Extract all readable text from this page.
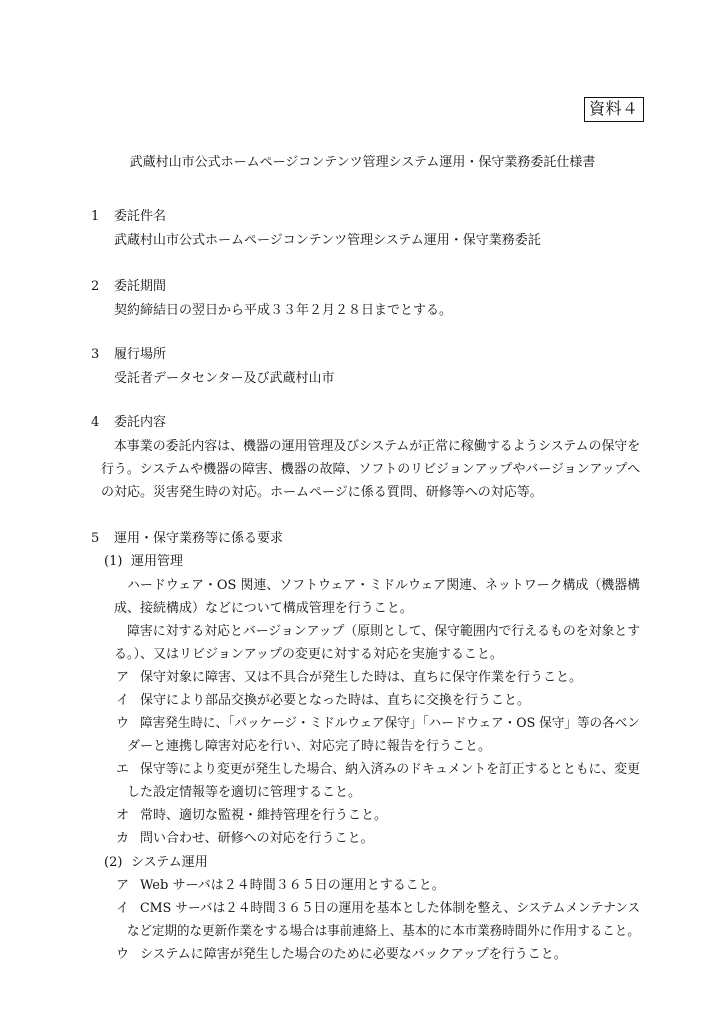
資料４
武蔵村山市公式ホームページコンテンツ管理システム運用・保守業務委託仕様書
1 委託件名
武蔵村山市公式ホームページコンテンツ管理システム運用・保守業務委託
2 委託期間
契約締結日の翌日から平成３３年２月２８日までとする。
3 履行場所
受託者データセンター及び武蔵村山市
4 委託内容
本事業の委託内容は、機器の運用管理及びシステムが正常に稼働するようシステムの保守を
行う。システムや機器の障害、機器の故障、ソフトのリビジョンアップやバージョンアップへ
の対応。災害発生時の対応。ホームページに係る質問、研修等への対応等。
5 運用・保守業務等に係る要求
(1) 運用管理
ハードウェア・OS 関連、ソフトウェア・ミドルウェア関連、ネットワーク構成（機器構
成、接続構成）などについて構成管理を行うこと。
障害に対する対応とバージョンアップ（原則として、保守範囲内で行えるものを対象とす
る。）、又はリビジョンアップの変更に対する対応を実施すること。
ア 保守対象に障害、又は不具合が発生した時は、直ちに保守作業を行うこと。
イ 保守により部品交換が必要となった時は、直ちに交換を行うこと。
ウ 障害発生時に、「パッケージ・ミドルウェア保守」「ハードウェア・OS 保守」等の各ベン
ダーと連携し障害対応を行い、対応完了時に報告を行うこと。
エ 保守等により変更が発生した場合、納入済みのドキュメントを訂正するとともに、変更
した設定情報等を適切に管理すること。
オ 常時、適切な監視・維持管理を行うこと。
カ 問い合わせ、研修への対応を行うこと。
(2) システム運用
ア Web サーバは２４時間３６５日の運用とすること。
イ CMS サーバは２４時間３６５日の運用を基本とした体制を整え、システムメンテナンス
など定期的な更新作業をする場合は事前連絡上、基本的に本市業務時間外に作用すること。
ウ システムに障害が発生した場合のために必要なバックアップを行うこと。
